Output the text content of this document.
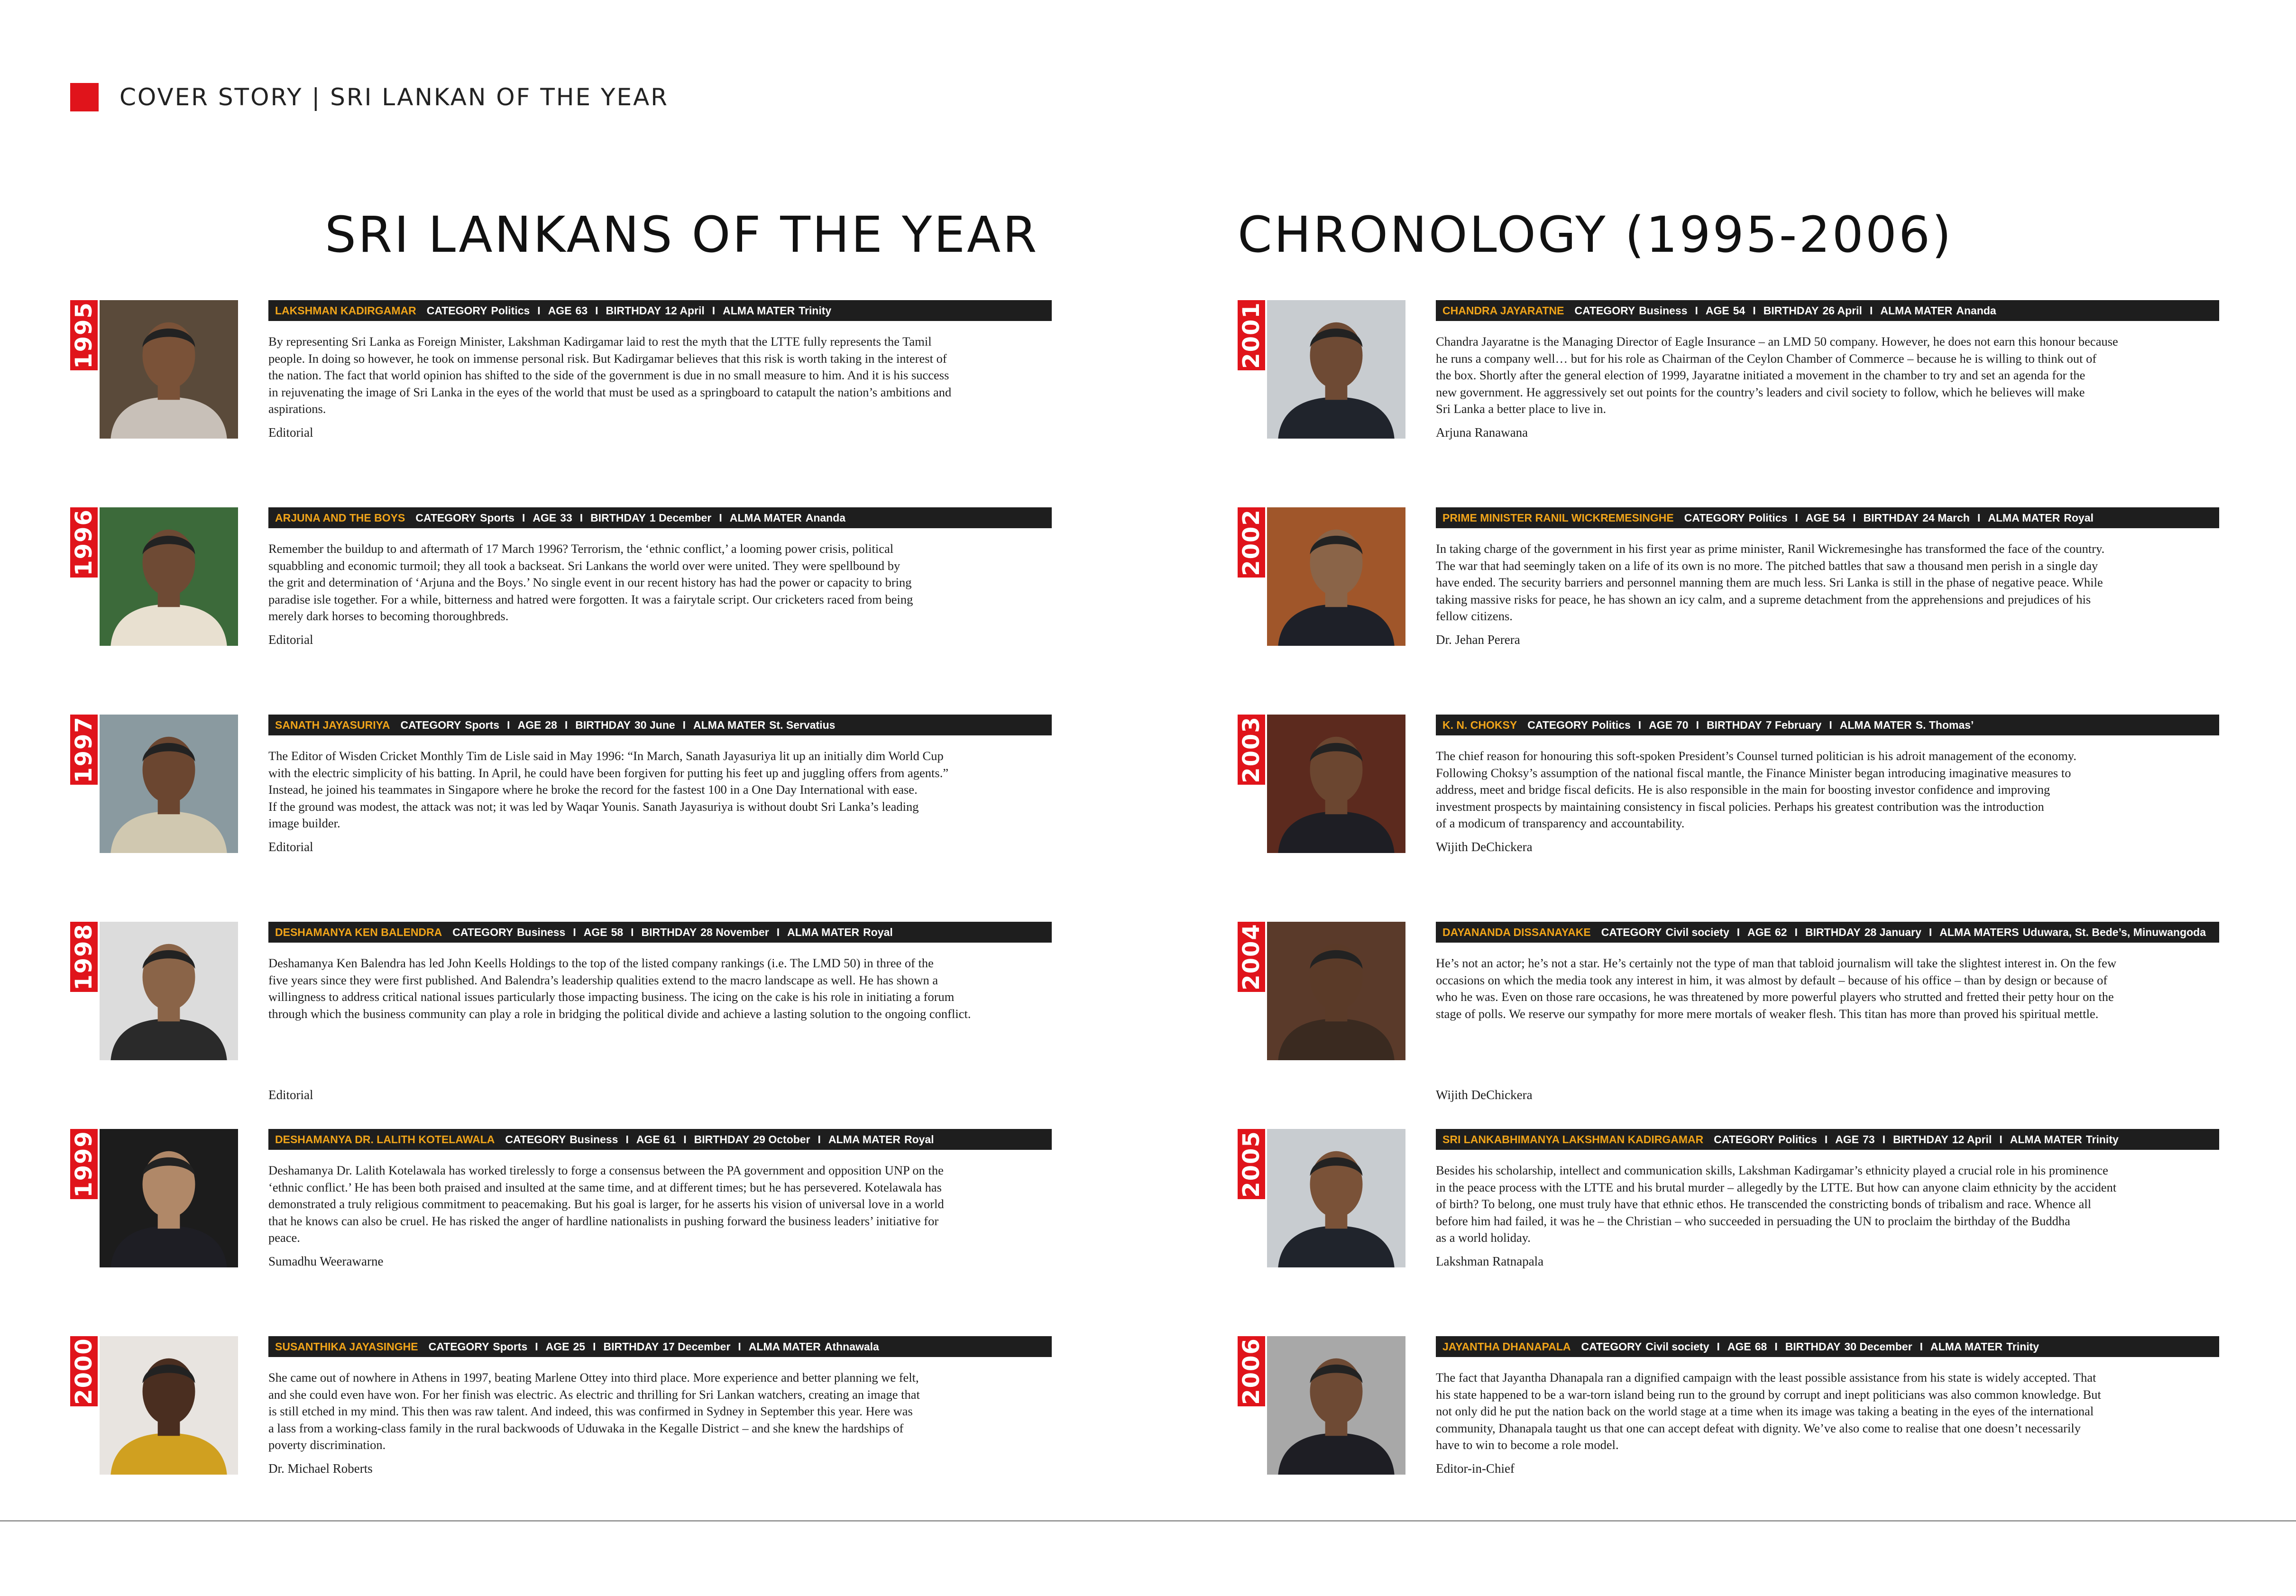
COVER STORY | SRI LANKAN OF THE YEAR
SRI LANKANS OF THE YEAR	CHRONOLOGY (1995-2006)
1995	LAKSHMAN KADIRGAMAR CATEGORY Politics I AGE 63 I BIRTHDAY 12 April I ALMA MATER Trinity
By representing Sri Lanka as Foreign Minister, Lakshman Kadirgamar laid to rest the myth that the LTTE fully represents the Tamil
people. In doing so however, he took on immense personal risk. But Kadirgamar believes that this risk is worth taking in the interest of
the nation. The fact that world opinion has shifted to the side of the government is due in no small measure to him. And it is his success
in rejuvenating the image of Sri Lanka in the eyes of the world that must be used as a springboard to catapult the nation’s ambitions and
aspirations.
Editorial
1996	ARJUNA AND THE BOYS CATEGORY Sports I AGE 33 I BIRTHDAY 1 December I ALMA MATER Ananda
Remember the buildup to and aftermath of 17 March 1996? Terrorism, the ‘ethnic conflict,’ a looming power crisis, political
squabbling and economic turmoil; they all took a backseat. Sri Lankans the world over were united. They were spellbound by
the grit and determination of ‘Arjuna and the Boys.’ No single event in our recent history has had the power or capacity to bring
paradise isle together. For a while, bitterness and hatred were forgotten. It was a fairytale script. Our cricketers raced from being
merely dark horses to becoming thoroughbreds.
Editorial
1997	SANATH JAYASURIYA CATEGORY Sports I AGE 28 I BIRTHDAY 30 June I ALMA MATER St. Servatius
The Editor of Wisden Cricket Monthly Tim de Lisle said in May 1996: “In March, Sanath Jayasuriya lit up an initially dim World Cup
with the electric simplicity of his batting. In April, he could have been forgiven for putting his feet up and juggling offers from agents.”
Instead, he joined his teammates in Singapore where he broke the record for the fastest 100 in a One Day International with ease.
If the ground was modest, the attack was not; it was led by Waqar Younis. Sanath Jayasuriya is without doubt Sri Lanka’s leading
image builder.
Editorial
1998	DESHAMANYA KEN BALENDRA CATEGORY Business I AGE 58 I BIRTHDAY 28 November I ALMA MATER Royal
Deshamanya Ken Balendra has led John Keells Holdings to the top of the listed company rankings (i.e. The LMD 50) in three of the
five years since they were first published. And Balendra’s leadership qualities extend to the macro landscape as well. He has shown a
willingness to address critical national issues particularly those impacting business. The icing on the cake is his role in initiating a forum
through which the business community can play a role in bridging the political divide and achieve a lasting solution to the ongoing conflict.
Editorial
1999	DESHAMANYA DR. LALITH KOTELAWALA CATEGORY Business I AGE 61 I BIRTHDAY 29 October I ALMA MATER Royal
Deshamanya Dr. Lalith Kotelawala has worked tirelessly to forge a consensus between the PA government and opposition UNP on the
‘ethnic conflict.’ He has been both praised and insulted at the same time, and at different times; but he has persevered. Kotelawala has
demonstrated a truly religious commitment to peacemaking. But his goal is larger, for he asserts his vision of universal love in a world
that he knows can also be cruel. He has risked the anger of hardline nationalists in pushing forward the business leaders’ initiative for
peace.
Sumadhu Weerawarne
2000	SUSANTHIKA JAYASINGHE CATEGORY Sports I AGE 25 I BIRTHDAY 17 December I ALMA MATER Athnawala
She came out of nowhere in Athens in 1997, beating Marlene Ottey into third place. More experience and better planning we felt,
and she could even have won. For her finish was electric. As electric and thrilling for Sri Lankan watchers, creating an image that
is still etched in my mind. This then was raw talent. And indeed, this was confirmed in Sydney in September this year. Here was
a lass from a working-class family in the rural backwoods of Uduwaka in the Kegalle District – and she knew the hardships of
poverty discrimination.
Dr. Michael Roberts
2001	CHANDRA JAYARATNE CATEGORY Business I AGE 54 I BIRTHDAY 26 April I ALMA MATER Ananda
Chandra Jayaratne is the Managing Director of Eagle Insurance – an LMD 50 company. However, he does not earn this honour because
he runs a company well… but for his role as Chairman of the Ceylon Chamber of Commerce – because he is willing to think out of
the box. Shortly after the general election of 1999, Jayaratne initiated a movement in the chamber to try and set an agenda for the
new government. He aggressively set out points for the country’s leaders and civil society to follow, which he believes will make
Sri Lanka a better place to live in.
Arjuna Ranawana
2002	PRIME MINISTER RANIL WICKREMESINGHE CATEGORY Politics I AGE 54 I BIRTHDAY 24 March I ALMA MATER Royal
In taking charge of the government in his first year as prime minister, Ranil Wickremesinghe has transformed the face of the country.
The war that had seemingly taken on a life of its own is no more. The pitched battles that saw a thousand men perish in a single day
have ended. The security barriers and personnel manning them are much less. Sri Lanka is still in the phase of negative peace. While
taking massive risks for peace, he has shown an icy calm, and a supreme detachment from the apprehensions and prejudices of his
fellow citizens.
Dr. Jehan Perera
2003	K. N. CHOKSY CATEGORY Politics I AGE 70 I BIRTHDAY 7 February I ALMA MATER S. Thomas’
The chief reason for honouring this soft-spoken President’s Counsel turned politician is his adroit management of the economy.
Following Choksy’s assumption of the national fiscal mantle, the Finance Minister began introducing imaginative measures to
address, meet and bridge fiscal deficits. He is also responsible in the main for boosting investor confidence and improving
investment prospects by maintaining consistency in fiscal policies. Perhaps his greatest contribution was the introduction
of a modicum of transparency and accountability.
Wijith DeChickera
2004	DAYANANDA DISSANAYAKE CATEGORY Civil society I AGE 62 I BIRTHDAY 28 January I ALMA MATERS Uduwara, St. Bede’s, Minuwangoda
He’s not an actor; he’s not a star. He’s certainly not the type of man that tabloid journalism will take the slightest interest in. On the few
occasions on which the media took any interest in him, it was almost by default – because of his office – than by design or because of
who he was. Even on those rare occasions, he was threatened by more powerful players who strutted and fretted their petty hour on the
stage of polls. We reserve our sympathy for more mere mortals of weaker flesh. This titan has more than proved his spiritual mettle.
Wijith DeChickera
2005	SRI LANKABHIMANYA LAKSHMAN KADIRGAMAR CATEGORY Politics I AGE 73 I BIRTHDAY 12 April I ALMA MATER Trinity
Besides his scholarship, intellect and communication skills, Lakshman Kadirgamar’s ethnicity played a crucial role in his prominence
in the peace process with the LTTE and his brutal murder – allegedly by the LTTE. But how can anyone claim ethnicity by the accident
of birth? To belong, one must truly have that ethnic ethos. He transcended the constricting bonds of tribalism and race. Whence all
before him had failed, it was he – the Christian – who succeeded in persuading the UN to proclaim the birthday of the Buddha
as a world holiday.
Lakshman Ratnapala
2006	JAYANTHA DHANAPALA CATEGORY Civil society I AGE 68 I BIRTHDAY 30 December I ALMA MATER Trinity
The fact that Jayantha Dhanapala ran a dignified campaign with the least possible assistance from his state is widely accepted. That
his state happened to be a war-torn island being run to the ground by corrupt and inept politicians was also common knowledge. But
not only did he put the nation back on the world stage at a time when its image was taking a beating in the eyes of the international
community, Dhanapala taught us that one can accept defeat with dignity. We’ve also come to realise that one doesn’t necessarily
have to win to become a role model.
Editor-in-Chief
